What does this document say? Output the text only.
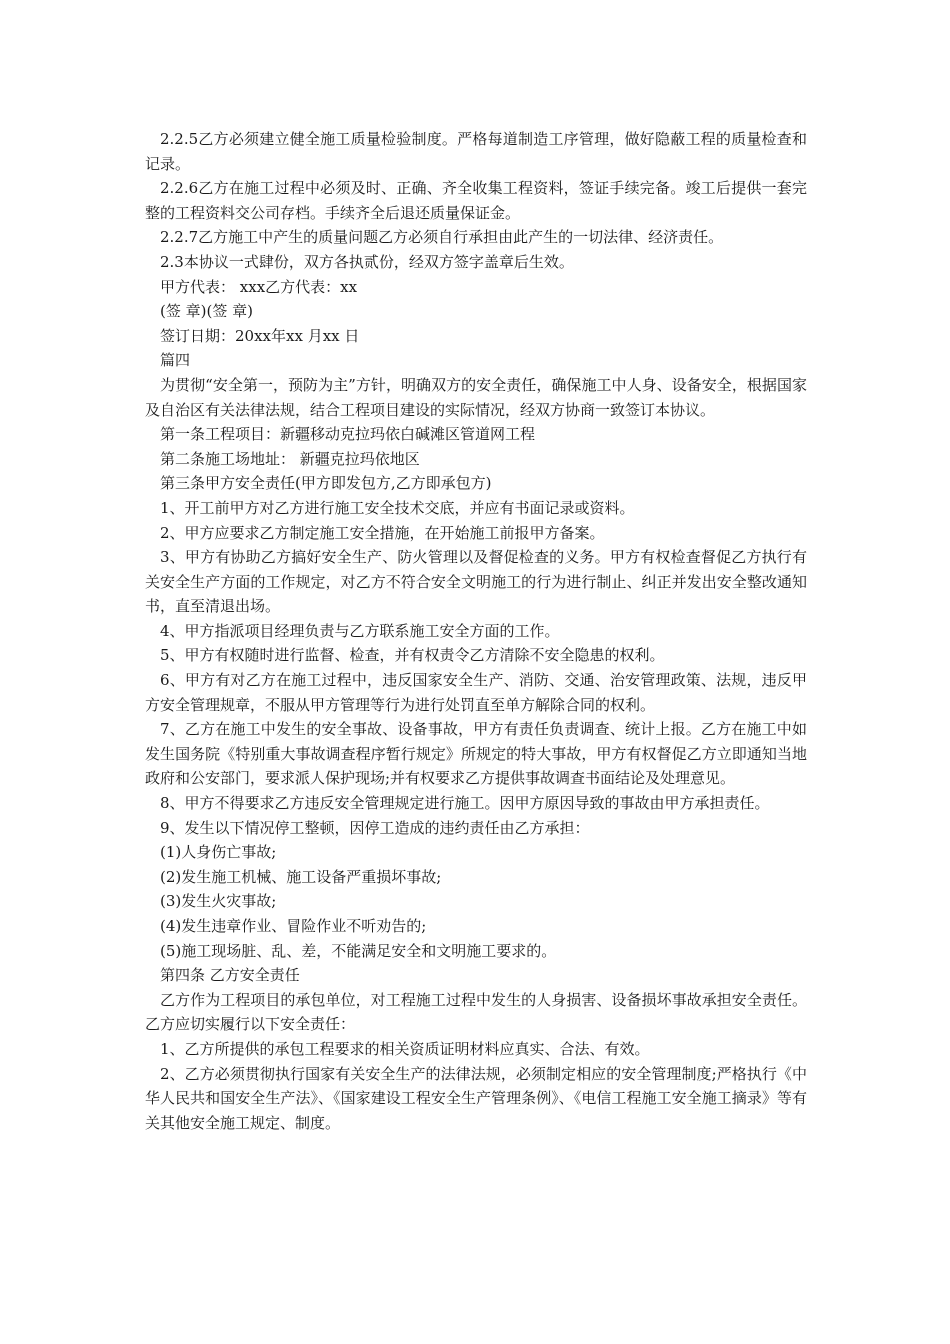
2.2.5乙方必须建立健全施工质量检验制度。严格每道制造工序管理，做好隐蔽工程的质量检查和记录。

2.2.6乙方在施工过程中必须及时、正确、齐全收集工程资料，签证手续完备。竣工后提供一套完整的工程资料交公司存档。手续齐全后退还质量保证金。

2.2.7乙方施工中产生的质量问题乙方必须自行承担由此产生的一切法律、经济责任。

2.3本协议一式肆份，双方各执贰份，经双方签字盖章后生效。

甲方代表： xxx乙方代表：xx

(签 章)(签 章)

签订日期：20xx年xx 月xx 日

篇四

为贯彻“安全第一，预防为主”方针，明确双方的安全责任，确保施工中人身、设备安全，根据国家及自治区有关法律法规，结合工程项目建设的实际情况，经双方协商一致签订本协议。

第一条工程项目：新疆移动克拉玛依白碱滩区管道网工程

第二条施工场地址： 新疆克拉玛依地区

第三条甲方安全责任(甲方即发包方,乙方即承包方)

1、开工前甲方对乙方进行施工安全技术交底，并应有书面记录或资料。

2、甲方应要求乙方制定施工安全措施，在开始施工前报甲方备案。

3、甲方有协助乙方搞好安全生产、防火管理以及督促检查的义务。甲方有权检查督促乙方执行有关安全生产方面的工作规定，对乙方不符合安全文明施工的行为进行制止、纠正并发出安全整改通知书，直至清退出场。

4、甲方指派项目经理负责与乙方联系施工安全方面的工作。

5、甲方有权随时进行监督、检查，并有权责令乙方清除不安全隐患的权利。

6、甲方有对乙方在施工过程中，违反国家安全生产、消防、交通、治安管理政策、法规，违反甲方安全管理规章，不服从甲方管理等行为进行处罚直至单方解除合同的权利。

7、乙方在施工中发生的安全事故、设备事故，甲方有责任负责调查、统计上报。乙方在施工中如发生国务院《特别重大事故调查程序暂行规定》所规定的特大事故，甲方有权督促乙方立即通知当地政府和公安部门，要求派人保护现场;并有权要求乙方提供事故调查书面结论及处理意见。

8、甲方不得要求乙方违反安全管理规定进行施工。因甲方原因导致的事故由甲方承担责任。

9、发生以下情况停工整顿，因停工造成的违约责任由乙方承担：

(1)人身伤亡事故;

(2)发生施工机械、施工设备严重损坏事故;

(3)发生火灾事故;

(4)发生违章作业、冒险作业不听劝告的;

(5)施工现场脏、乱、差，不能满足安全和文明施工要求的。

第四条 乙方安全责任

乙方作为工程项目的承包单位，对工程施工过程中发生的人身损害、设备损坏事故承担安全责任。乙方应切实履行以下安全责任：

1、乙方所提供的承包工程要求的相关资质证明材料应真实、合法、有效。

2、乙方必须贯彻执行国家有关安全生产的法律法规，必须制定相应的安全管理制度;严格执行《中华人民共和国安全生产法》、《国家建设工程安全生产管理条例》、《电信工程施工安全施工摘录》等有关其他安全施工规定、制度。
